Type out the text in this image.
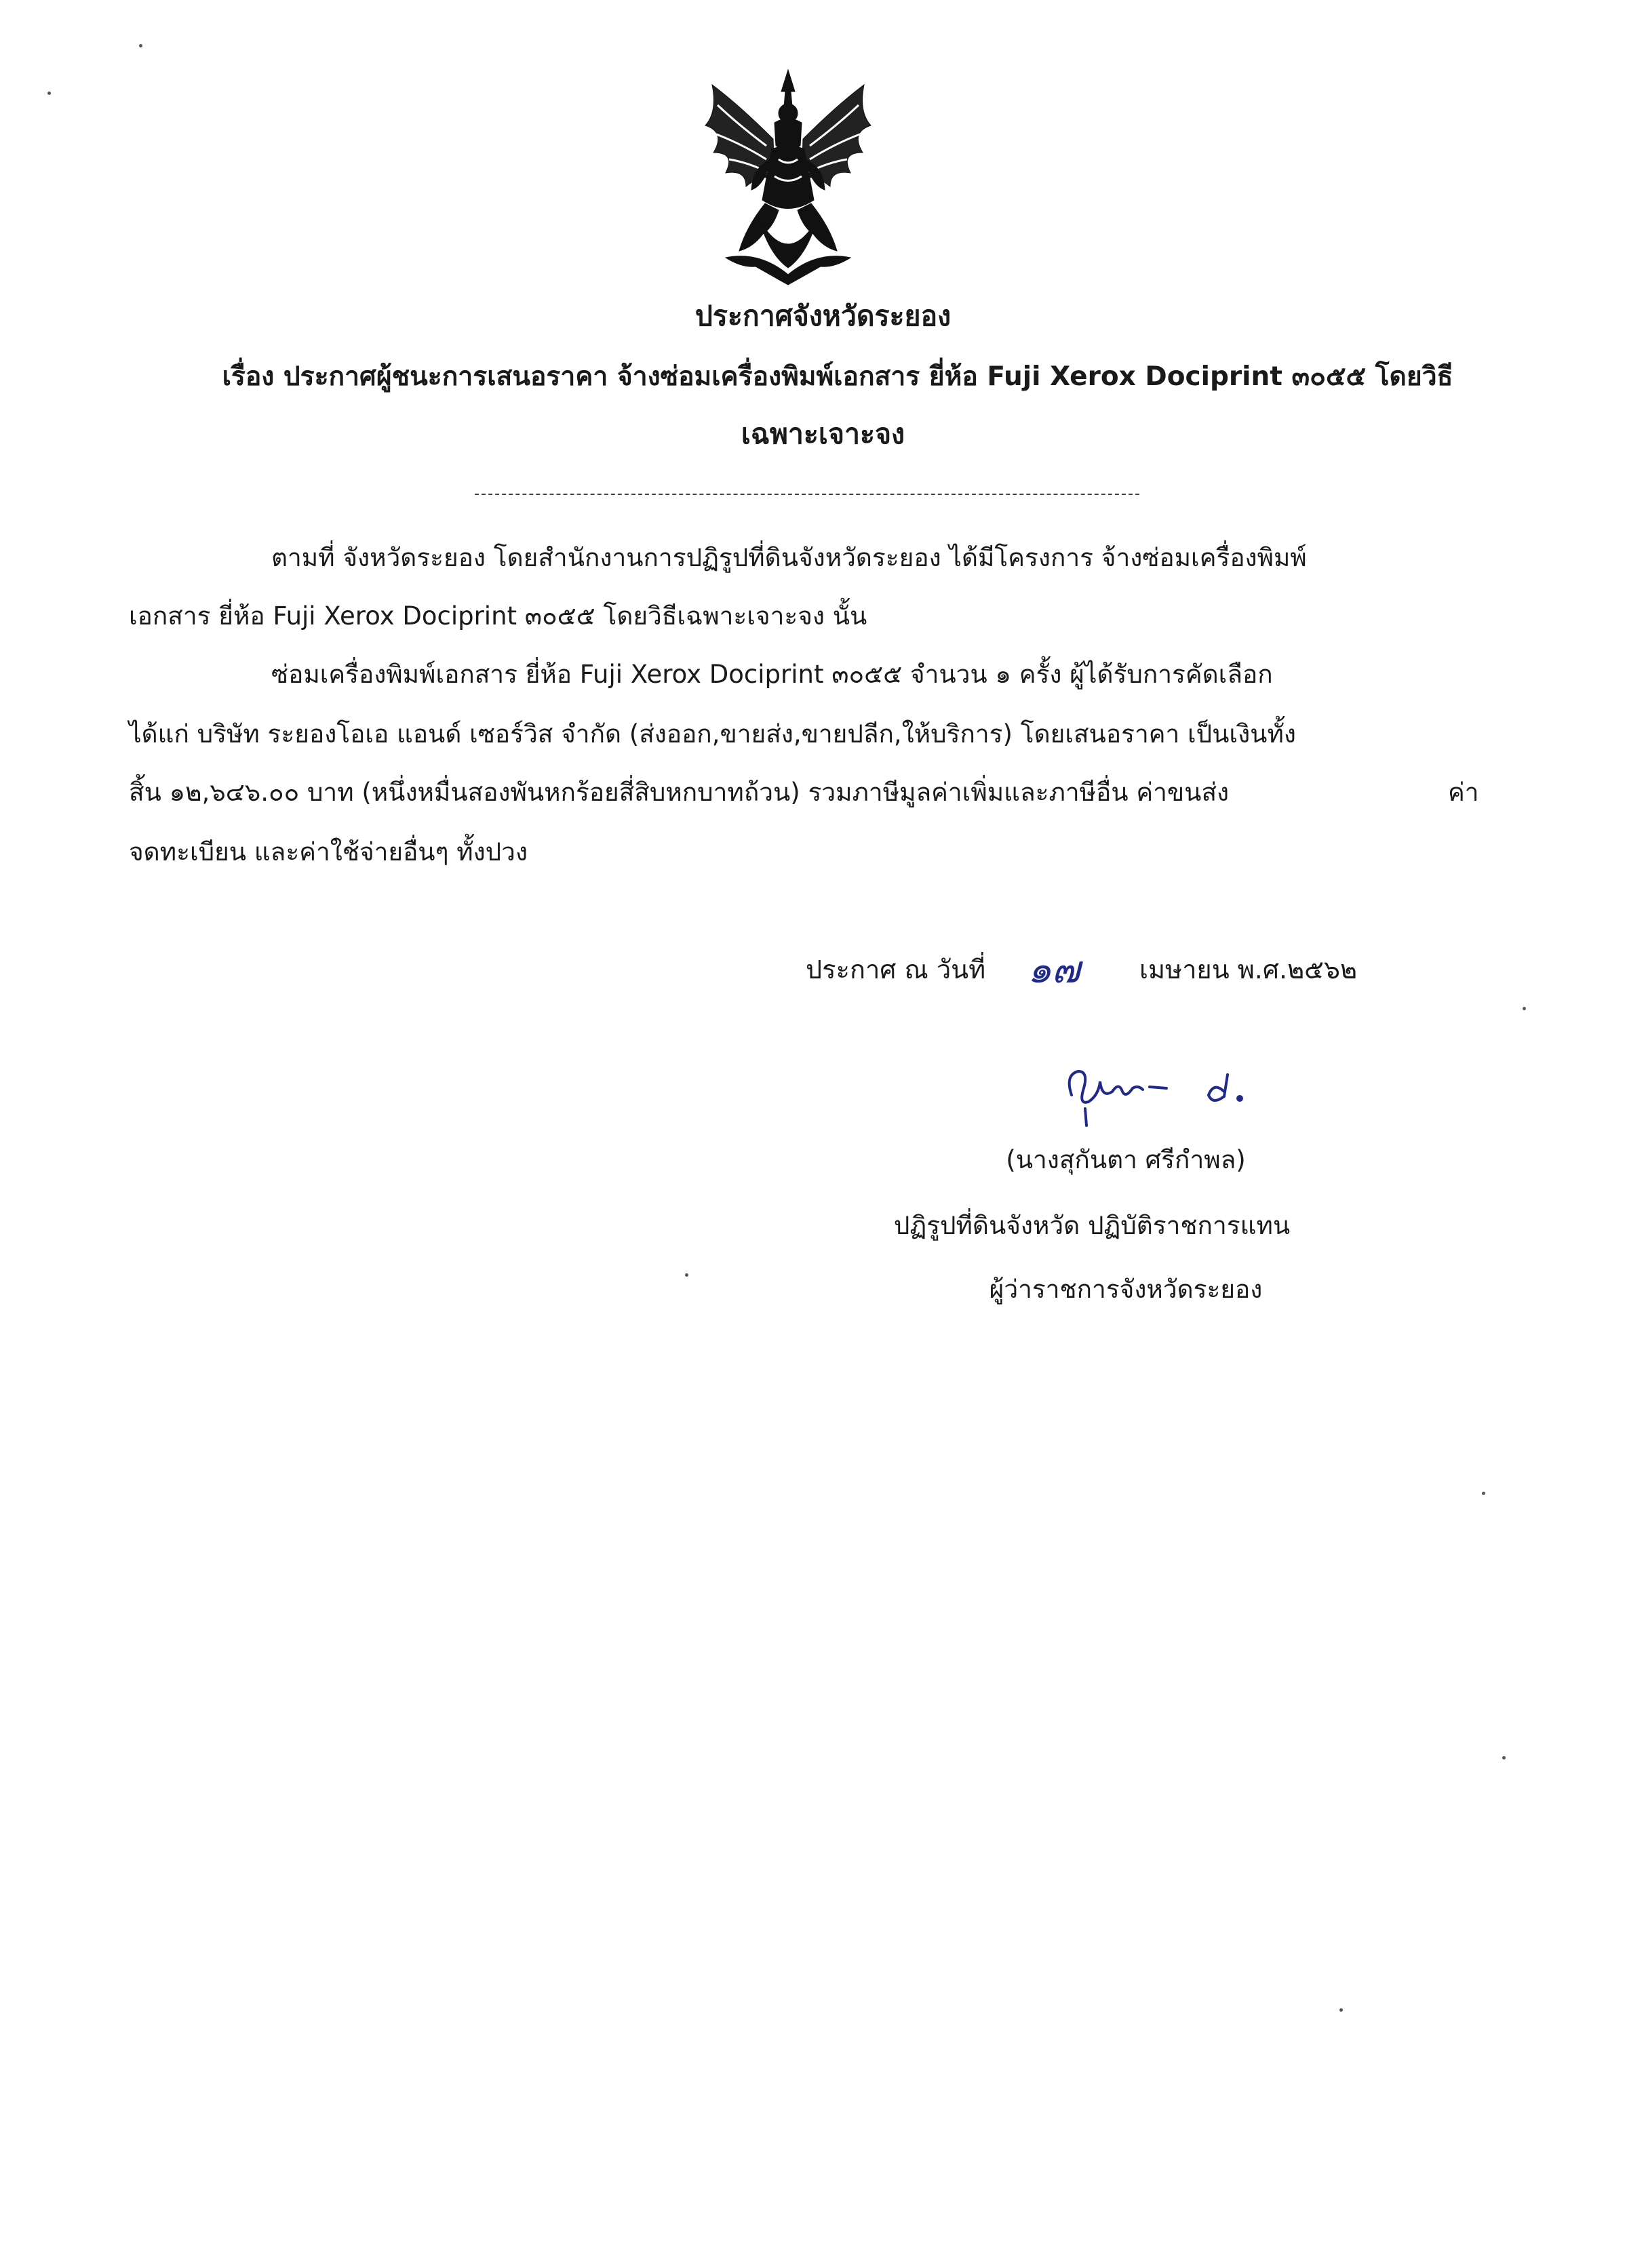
ประกาศจังหวัดระยอง
เรื่อง ประกาศผู้ชนะการเสนอราคา จ้างซ่อมเครื่องพิมพ์เอกสาร ยี่ห้อ Fuji Xerox Dociprint ๓๐๕๕ โดยวิธี
เฉพาะเจาะจง
ตามที่ จังหวัดระยอง โดยสำนักงานการปฏิรูปที่ดินจังหวัดระยอง ได้มีโครงการ จ้างซ่อมเครื่องพิมพ์
เอกสาร ยี่ห้อ Fuji Xerox Dociprint ๓๐๕๕ โดยวิธีเฉพาะเจาะจง นั้น
ซ่อมเครื่องพิมพ์เอกสาร ยี่ห้อ Fuji Xerox Dociprint ๓๐๕๕ จำนวน ๑ ครั้ง ผู้ได้รับการคัดเลือก
ได้แก่ บริษัท ระยองโอเอ แอนด์ เซอร์วิส จำกัด (ส่งออก,ขายส่ง,ขายปลีก,ให้บริการ) โดยเสนอราคา เป็นเงินทั้ง
สิ้น ๑๒,๖๔๖.๐๐ บาท (หนึ่งหมื่นสองพันหกร้อยสี่สิบหกบาทถ้วน) รวมภาษีมูลค่าเพิ่มและภาษีอื่น ค่าขนส่ง	ค่า
จดทะเบียน และค่าใช้จ่ายอื่นๆ ทั้งปวง
ประกาศ ณ วันที่ ๑๗ เมษายน พ.ศ.๒๕๖๒
(นางสุกันตา ศรีกำพล)
ปฏิรูปที่ดินจังหวัด ปฏิบัติราชการแทน
ผู้ว่าราชการจังหวัดระยอง
